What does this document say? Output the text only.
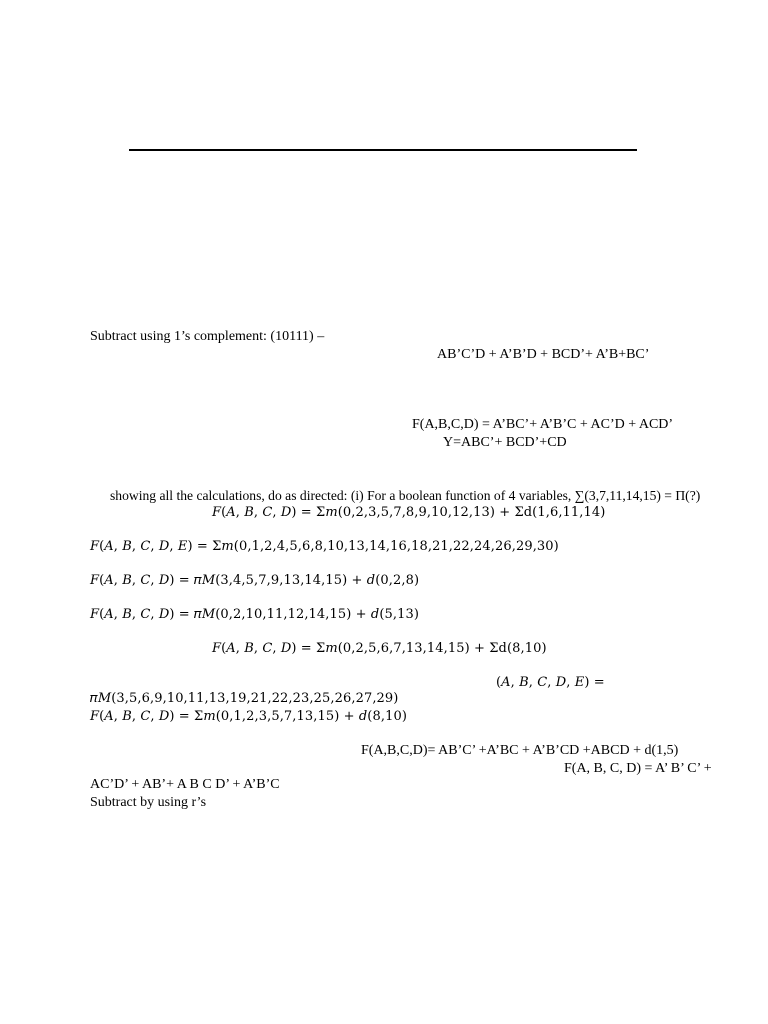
Subtract using 1’s complement: (10111) –
AB’C’D + A’B’D + BCD’+ A’B+BC’
F(A,B,C,D) = A’BC’+ A’B’C + AC’D + ACD’
Y=ABC’+ BCD’+CD
showing all the calculations, do as directed: (i) For a boolean function of 4 variables, ∑(3,7,11,14,15) = Π(?)
𝐹(𝐴, 𝐵, 𝐶, 𝐷) = Σ𝑚(0,2,3,5,7,8,9,10,12,13) + Σd(1,6,11,14)
𝐹(𝐴, 𝐵, 𝐶, 𝐷, 𝐸) = Σ𝑚(0,1,2,4,5,6,8,10,13,14,16,18,21,22,24,26,29,30)
𝐹(𝐴, 𝐵, 𝐶, 𝐷) = 𝜋𝑀(3,4,5,7,9,13,14,15) + 𝑑(0,2,8)
𝐹(𝐴, 𝐵, 𝐶, 𝐷) = 𝜋𝑀(0,2,10,11,12,14,15) + 𝑑(5,13)
𝐹(𝐴, 𝐵, 𝐶, 𝐷) = Σ𝑚(0,2,5,6,7,13,14,15) + Σd(8,10)
(𝐴, 𝐵, 𝐶, 𝐷, 𝐸) =
𝜋𝑀(3,5,6,9,10,11,13,19,21,22,23,25,26,27,29)
𝐹(𝐴, 𝐵, 𝐶, 𝐷) = Σ𝑚(0,1,2,3,5,7,13,15) + 𝑑(8,10)
F(A,B,C,D)= AB’C’ +A’BC + A’B’CD +ABCD + d(1,5)
F(A, B, C, D) = A’ B’ C’ +
AC’D’ + AB’+ A B C D’ + A’B’C
Subtract by using r’s
